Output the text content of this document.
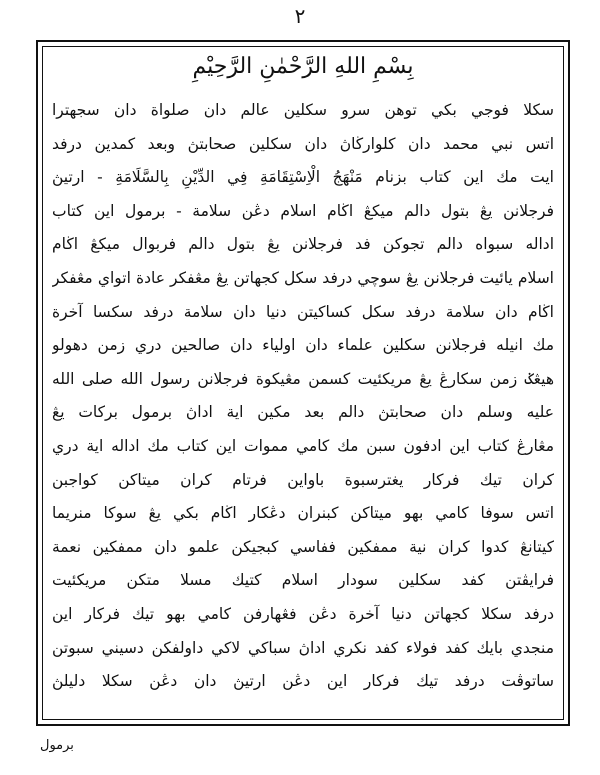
٢
بِسْمِ اللهِ الرَّحْمٰنِ الرَّحِيْمِ
سكلا فوجي بكي توهن سرو سكلين عالم دان صلواة دان سجهترا
اتس نبي محمد دان كلوارڬاڽ دان سكلين صحابتڽ وبعد كمدين درفد
ايت مك اين كتاب بزنام مَنْهَجُ الْاِسْتِقَامَةِ فِي الدِّيْنِ بِالسَّلَامَةِ - ارتيڽ
فرجلانن يڠ بتول دالم ميكڠ اڬام اسلام دڠن سلامة - برمول اين كتاب
اداله سبواه دالم تجوكن فد فرجلانن يڠ بتول دالم فربوال ميكڠ اڬام
اسلام يائيت فرجلانن يڠ سوچي درفد سكل كجهاتن يڠ مڠفكر عادة اتواي مڠفكر
اڬام دان سلامة درفد سكل كساكيتن دنيا دان سلامة درفد سكسا آخرة
مك انيله فرجلانن سكلين علماء دان اولياء دان صالحين دري زمن دهولو
هيڠݢ زمن سكارڠ يڠ مريكئيت كسمن مڠيكوة فرجلانن رسول الله صلى الله
عليه وسلم دان صحابتڽ دالم بعد مكين اية اداڽ برمول بركات يڠ
مڠارڠ كتاب اين ادفون سبن مك كامي مموات اين كتاب مك اداله اية دري
كران تيك فركار يغترسبوة باواين فرتام كران ميتاكن كواجبن
اتس سوفا كامي بهو ميتاكن كبنران دڠكار اڬام بكي يڠ سوكا منريما
كيتانڠ كدوا كران نية ممفكين ففاسي كبجيكن علمو دان ممفكين نعمة
فرايڤتن كفد سكلين سودار اسلام كتيك مسلا متكن مريكئيت
درفد سكلا كجهاتن دنيا آخرة دڠن فڠهارفن كامي بهو تيك فركار اين
منجدي بايك كفد فولاء كفد نكري اداڽ سباكي لاكي داولفكن دسيني سبوتن
ساتوڤت درفد تيك فركار اين دڠن ارتيڽ دان دڠن سكلا دليلڽ
برمول
